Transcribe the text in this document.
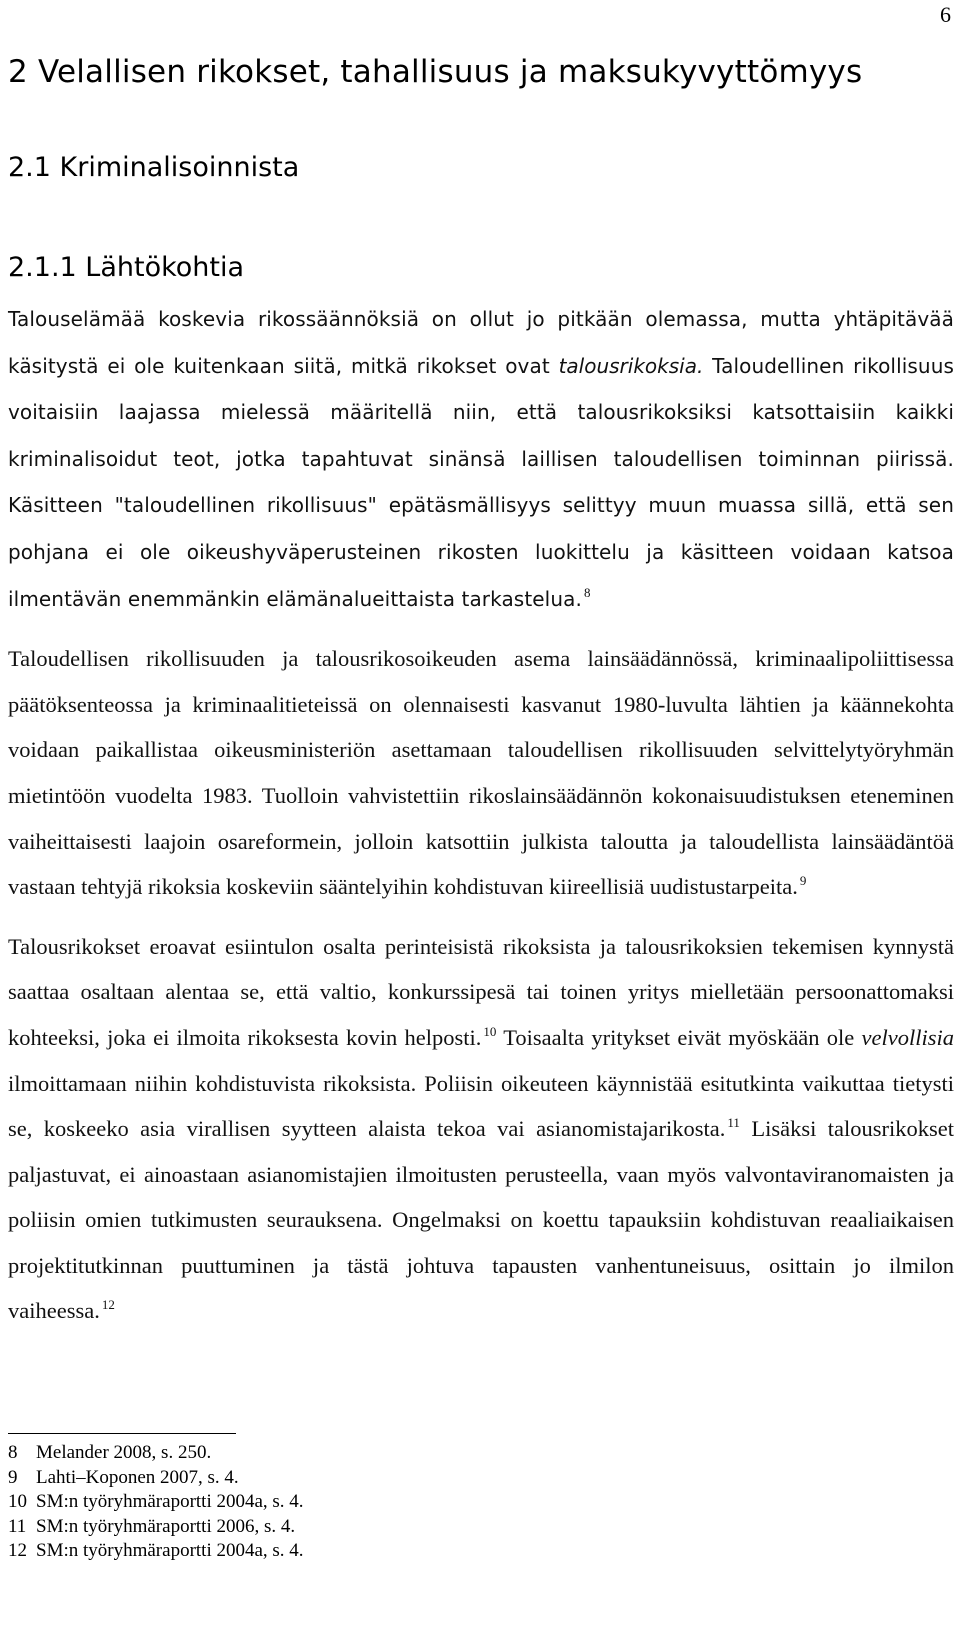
6
2 Velallisen rikokset, tahallisuus ja maksukyvyttömyys
2.1 Kriminalisoinnista
2.1.1 Lähtökohtia

Talouselämää koskevia rikossäännöksiä on ollut jo pitkään olemassa, mutta yhtäpitävää käsitystä ei ole kuitenkaan siitä, mitkä rikokset ovat talousrikoksia. Taloudellinen rikollisuus voitaisiin laajassa mielessä määritellä niin, että talousrikoksiksi katsottaisiin kaikki kriminalisoidut teot, jotka tapahtuvat sinänsä laillisen taloudellisen toiminnan piirissä. Käsitteen "taloudellinen rikollisuus" epätäsmällisyys selittyy muun muassa sillä, että sen pohjana ei ole oikeushyväperusteinen rikosten luokittelu ja käsitteen voidaan katsoa ilmentävän enemmänkin elämänalueittaista tarkastelua. $^8$

Taloudellisen rikollisuuden ja talousrikosoikeuden asema lainsäädännössä, kriminaalipoliittisessa päätöksenteossa ja kriminaalitieteissä on olennaisesti kasvanut 1980-luvulta lähtien ja käännekohta voidaan paikallistaa oikeusministeriön asettamaan taloudellisen rikollisuuden selvittelytyöryhmän mietintöön vuodelta 1983. Tuolloin vahvistettiin rikoslainsäädännön kokonaisuudistuksen eteneminen vaiheittaisesti laajoin osareformein, jolloin katsottiin julkista taloutta ja taloudellista lainsäädäntöä vastaan tehtyjä rikoksia koskeviin sääntelyihin kohdistuvan kiireellisiä uudistustarpeita. $^9$

Talousrikokset eroavat esiintulon osalta perinteisistä rikoksista ja talousrikoksien tekemisen kynnystä saattaa osaltaan alentaa se, että valtio, konkurssipesä tai toinen yritys mielletään persoonattomaksi kohteeksi, joka ei ilmoita rikoksesta kovin helposti. $^{10}$ Toisaalta yritykset eivät myöskään ole velvollisia ilmoittamaan niihin kohdistuvista rikoksista. Poliisin oikeuteen käynnistää esitutkinta vaikuttaa tietysti se, koskeeko asia virallisen syytteen alaista tekoa vai asianomistajarikosta. $^{11}$ Lisäksi talousrikokset paljastuvat, ei ainoastaan asianomistajien ilmoitusten perusteella, vaan myös valvontaviranomaisten ja poliisin omien tutkimusten seurauksena. Ongelmaksi on koettu tapauksiin kohdistuvan reaaliaikaisen projektitutkinnan puuttuminen ja tästä johtuva tapausten vanhentuneisuus, osittain jo ilmilon vaiheessa. $^{12}$

8 Melander 2008, s. 250.
9 Lahti–Koponen 2007, s. 4.
10 SM:n työryhmäraportti 2004a, s. 4.
11 SM:n työryhmäraportti 2006, s. 4.
12 SM:n työryhmäraportti 2004a, s. 4.
